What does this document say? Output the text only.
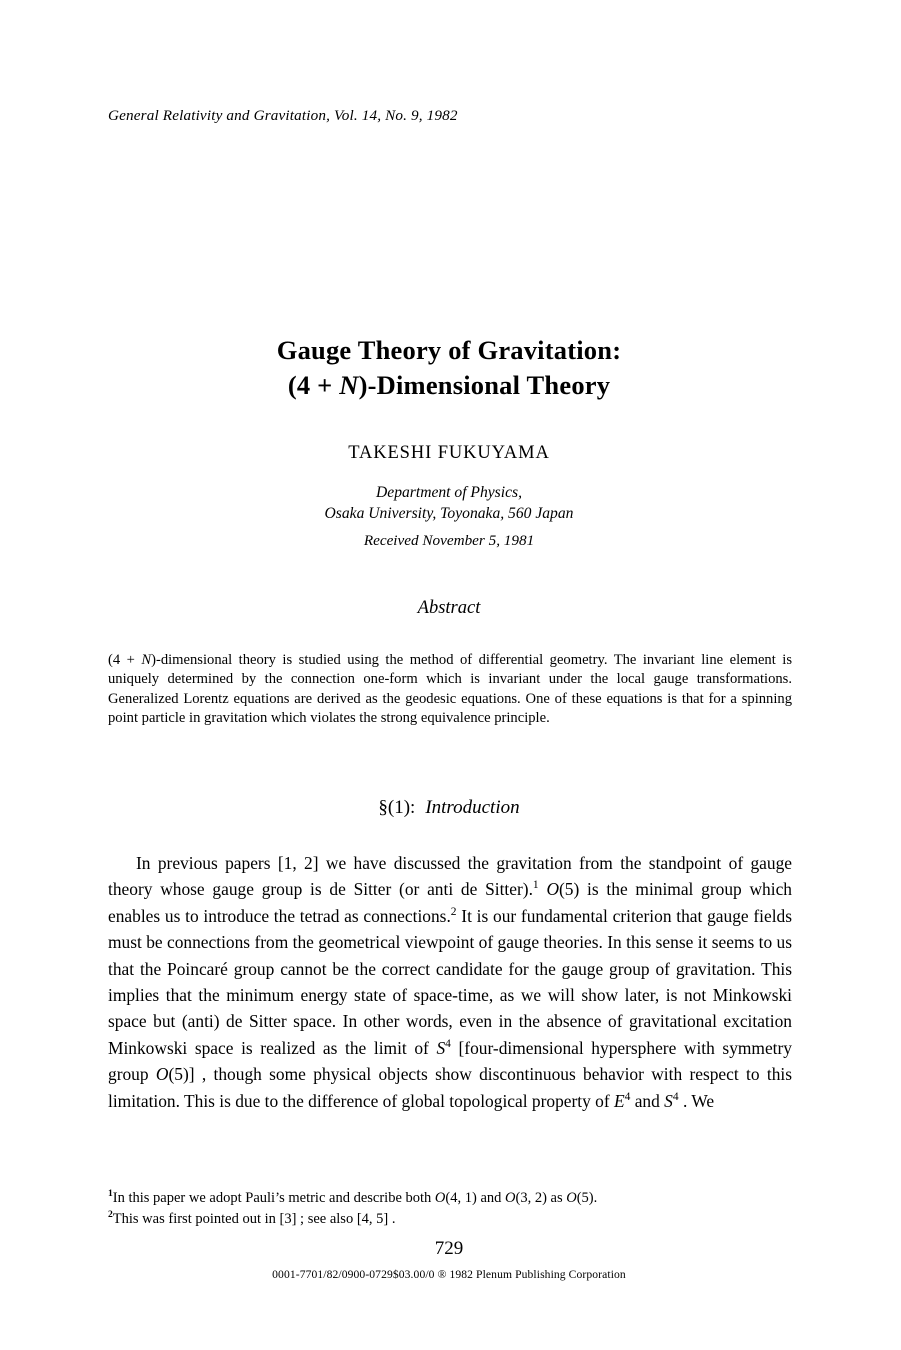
General Relativity and Gravitation, Vol. 14, No. 9, 1982
Gauge Theory of Gravitation:
(4 + N)-Dimensional Theory
TAKESHI FUKUYAMA
Department of Physics,
Osaka University, Toyonaka, 560 Japan
Received November 5, 1981
Abstract
(4 + N)-dimensional theory is studied using the method of differential geometry. The invariant line element is uniquely determined by the connection one-form which is invariant under the local gauge transformations. Generalized Lorentz equations are derived as the geodesic equations. One of these equations is that for a spinning point particle in gravitation which violates the strong equivalence principle.
§(1): Introduction

In previous papers [1, 2] we have discussed the gravitation from the standpoint of gauge theory whose gauge group is de Sitter (or anti de Sitter).$^1$ O(5) is the minimal group which enables us to introduce the tetrad as connections.$^2$ It is our fundamental criterion that gauge fields must be connections from the geometrical viewpoint of gauge theories. In this sense it seems to us that the Poincaré group cannot be the correct candidate for the gauge group of gravitation. This implies that the minimum energy state of space-time, as we will show later, is not Minkowski space but (anti) de Sitter space. In other words, even in the absence of gravitational excitation Minkowski space is realized as the limit of $S^4$ [four-dimensional hypersphere with symmetry group O(5)] , though some physical objects show discontinuous behavior with respect to this limitation. This is due to the difference of global topological property of $E^4$ and $S^4$ . We

$^1$In this paper we adopt Pauli’s metric and describe both O(4, 1) and O(3, 2) as O(5).
$^2$This was first pointed out in [3] ; see also [4, 5] .
729
0001-7701/82/0900-0729$03.00/0 ® 1982 Plenum Publishing Corporation
